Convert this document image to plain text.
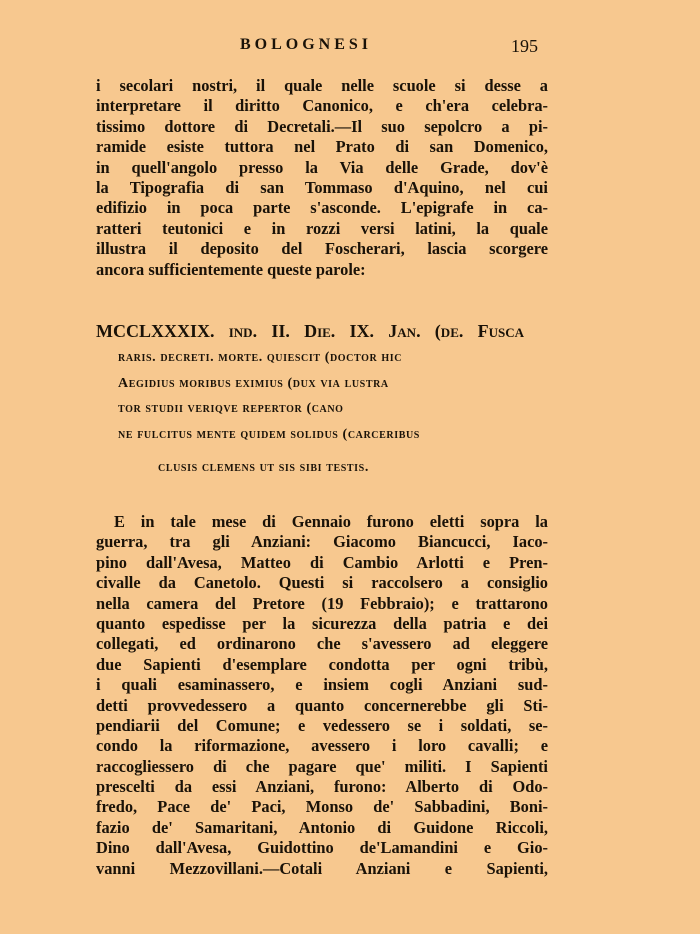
BOLOGNESI	195
i secolari nostri, il quale nelle scuole si desse a
interpretare il diritto Canonico, e ch'era celebra-
tissimo dottore di Decretali.—Il suo sepolcro a pi-
ramide esiste tuttora nel Prato di san Domenico,
in quell'angolo presso la Via delle Grade, dov'è
la Tipografia di san Tommaso d'Aquino, nel cui
edifizio in poca parte s'asconde. L'epigrafe in ca-
ratteri teutonici e in rozzi versi latini, la quale
illustra il deposito del Foscherari, lascia scorgere
ancora sufficientemente queste parole:
MCCLXXXIX. ind. II. Die. IX. Jan. (de. Fusca
raris. decreti. morte. quiescit (doctor hic
Aegidius moribus eximius (dux via lustra
tor studii veriqve repertor (cano
ne fulcitus mente quidem solidus (carceribus
clusis clemens ut sis sibi testis.
E in tale mese di Gennaio furono eletti sopra la
guerra, tra gli Anziani: Giacomo Biancucci, Iaco-
pino dall'Avesa, Matteo di Cambio Arlotti e Pren-
civalle da Canetolo. Questi si raccolsero a consiglio
nella camera del Pretore (19 Febbraio); e trattarono
quanto espedisse per la sicurezza della patria e dei
collegati, ed ordinarono che s'avessero ad eleggere
due Sapienti d'esemplare condotta per ogni tribù,
i quali esaminassero, e insiem cogli Anziani sud-
detti provvedessero a quanto concernerebbe gli Sti-
pendiarii del Comune; e vedessero se i soldati, se-
condo la riformazione, avessero i loro cavalli; e
raccogliessero di che pagare que' militi. I Sapienti
prescelti da essi Anziani, furono: Alberto di Odo-
fredo, Pace de' Paci, Monso de' Sabbadini, Boni-
fazio de' Samaritani, Antonio di Guidone Riccoli,
Dino dall'Avesa, Guidottino de'Lamandini e Gio-
vanni Mezzovillani.—Cotali Anziani e Sapienti,
